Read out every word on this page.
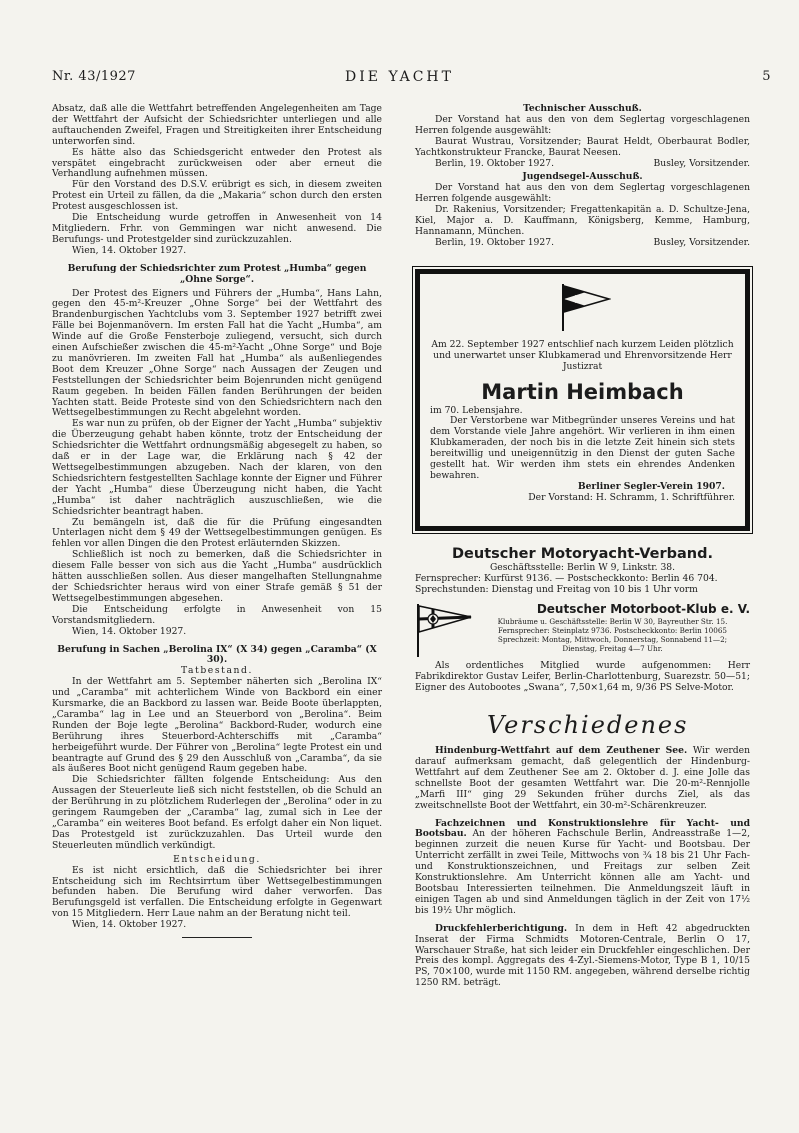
Nr. 43/1927	DIE YACHT	5

Absatz, daß alle die Wettfahrt betreffenden Angelegenheiten am Tage der Wettfahrt der Aufsicht der Schiedsrichter unterliegen und alle auftauchenden Zweifel, Fragen und Streitigkeiten ihrer Entscheidung unterworfen sind.

Es hätte also das Schiedsgericht entweder den Protest als verspätet eingebracht zurückweisen oder aber erneut die Verhandlung aufnehmen müssen.

Für den Vorstand des D.S.V. erübrigt es sich, in diesem zweiten Protest ein Urteil zu fällen, da die „Makaria“ schon durch den ersten Protest ausgeschlossen ist.

Die Entscheidung wurde getroffen in Anwesenheit von 14 Mitgliedern. Frhr. von Gemmingen war nicht anwesend. Die Berufungs- und Protestgelder sind zurückzuzahlen.

Wien, 14. Oktober 1927.

Berufung der Schiedsrichter zum Protest „Humba“ gegen „Ohne Sorge“.

Der Protest des Eigners und Führers der „Humba“, Hans Lahn, gegen den 45-m²-Kreuzer „Ohne Sorge“ bei der Wettfahrt des Brandenburgischen Yachtclubs vom 3. September 1927 betrifft zwei Fälle bei Bojenmanövern. Im ersten Fall hat die Yacht „Humba“, am Winde auf die Große Fensterboje zuliegend, versucht, sich durch einen Aufschießer zwischen die 45-m²-Yacht „Ohne Sorge“ und Boje zu manövrieren. Im zweiten Fall hat „Humba“ als außenliegendes Boot dem Kreuzer „Ohne Sorge“ nach Aussagen der Zeugen und Feststellungen der Schiedsrichter beim Bojenrunden nicht genügend Raum gegeben. In beiden Fällen fanden Berührungen der beiden Yachten statt. Beide Proteste sind von den Schiedsrichtern nach den Wettsegelbestimmungen zu Recht abgelehnt worden.

Es war nun zu prüfen, ob der Eigner der Yacht „Humba“ subjektiv die Überzeugung gehabt haben könnte, trotz der Entscheidung der Schiedsrichter die Wettfahrt ordnungsmäßig abgesegelt zu haben, so daß er in der Lage war, die Erklärung nach § 42 der Wettsegelbestimmungen abzugeben. Nach der klaren, von den Schiedsrichtern festgestellten Sachlage konnte der Eigner und Führer der Yacht „Humba“ diese Überzeugung nicht haben, die Yacht „Humba“ ist daher nachträglich auszuschließen, wie die Schiedsrichter beantragt haben.

Zu bemängeln ist, daß die für die Prüfung eingesandten Unterlagen nicht dem § 49 der Wettsegelbestimmungen genügen. Es fehlen vor allen Dingen die den Protest erläuternden Skizzen.

Schließlich ist noch zu bemerken, daß die Schiedsrichter in diesem Falle besser von sich aus die Yacht „Humba“ ausdrücklich hätten ausschließen sollen. Aus dieser mangelhaften Stellungnahme der Schiedsrichter heraus wird von einer Strafe gemäß § 51 der Wettsegelbestimmungen abgesehen.

Die Entscheidung erfolgte in Anwesenheit von 15 Vorstandsmitgliedern.

Wien, 14. Oktober 1927.

Berufung in Sachen „Berolina IX“ (X 34) gegen „Caramba“ (X 30).

Tatbestand.

In der Wettfahrt am 5. September näherten sich „Berolina IX“ und „Caramba“ mit achterlichem Winde von Backbord ein einer Kursmarke, die an Backbord zu lassen war. Beide Boote überlappten, „Caramba“ lag in Lee und an Steuerbord von „Berolina“. Beim Runden der Boje legte „Berolina“ Backbord-Ruder, wodurch eine Berührung ihres Steuerbord-Achterschiffs mit „Caramba“ herbeigeführt wurde. Der Führer von „Berolina“ legte Protest ein und beantragte auf Grund des § 29 den Ausschluß von „Caramba“, da sie als äußeres Boot nicht genügend Raum gegeben habe.

Die Schiedsrichter fällten folgende Entscheidung: Aus den Aussagen der Steuerleute ließ sich nicht feststellen, ob die Schuld an der Berührung in zu plötzlichem Ruderlegen der „Berolina“ oder in zu geringem Raumgeben der „Caramba“ lag, zumal sich in Lee der „Caramba“ ein weiteres Boot befand. Es erfolgt daher ein Non liquet. Das Protestgeld ist zurückzuzahlen. Das Urteil wurde den Steuerleuten mündlich verkündigt.

Entscheidung.

Es ist nicht ersichtlich, daß die Schiedsrichter bei ihrer Entscheidung sich im Rechtsirrtum über Wettsegelbestimmungen befunden haben. Die Berufung wird daher verworfen. Das Berufungsgeld ist verfallen. Die Entscheidung erfolgte in Gegenwart von 15 Mitgliedern. Herr Laue nahm an der Beratung nicht teil.

Wien, 14. Oktober 1927.

Technischer Ausschuß.

Der Vorstand hat aus den von dem Seglertag vorgeschlagenen Herren folgende ausgewählt:

Baurat Wustrau, Vorsitzender; Baurat Heldt, Oberbaurat Bodler, Yachtkonstrukteur Francke, Baurat Neesen.

Berlin, 19. Oktober 1927.	Busley, Vorsitzender.

Jugendsegel-Ausschuß.

Der Vorstand hat aus den von dem Seglertag vorgeschlagenen Herren folgende ausgewählt:

Dr. Rakenius, Vorsitzender; Fregattenkapitän a. D. Schultze-Jena, Kiel, Major a. D. Kauffmann, Königsberg, Kemme, Hamburg, Hannamann, München.

Berlin, 19. Oktober 1927.	Busley, Vorsitzender.

Am 22. September 1927 entschlief nach kurzem Leiden plötzlich und unerwartet unser Klubkamerad und Ehrenvorsitzende Herr Justizrat

Martin Heimbach

im 70. Lebensjahre.

Der Verstorbene war Mitbegründer unseres Vereins und hat dem Vorstande viele Jahre angehört. Wir verlieren in ihm einen Klubkameraden, der noch bis in die letzte Zeit hinein sich stets bereitwillig und uneigennützig in den Dienst der guten Sache gestellt hat. Wir werden ihm stets ein ehrendes Andenken bewahren.

Berliner Segler-Verein 1907.

Der Vorstand: H. Schramm, 1. Schriftführer.

Deutscher Motoryacht-Verband.

Geschäftsstelle: Berlin W 9, Linkstr. 38.

Fernsprecher: Kurfürst 9136. — Postscheckkonto: Berlin 46 704.

Sprechstunden: Dienstag und Freitag von 10 bis 1 Uhr vorm

Deutscher Motorboot-Klub e. V.

Klubräume u. Geschäftsstelle: Berlin W 30, Bayreuther Str. 15.

Fernsprecher: Steinplatz 9736. Postscheckkonto: Berlin 10065

Sprechzeit: Montag, Mittwoch, Donnerstag, Sonnabend 11—2;

Dienstag, Freitag 4—7 Uhr.

Als ordentliches Mitglied wurde aufgenommen: Herr Fabrikdirektor Gustav Leifer, Berlin-Charlottenburg, Suarezstr. 50—51; Eigner des Autobootes „Swana“, 7,50×1,64 m, 9/36 PS Selve-Motor.

Verschiedenes

Hindenburg-Wettfahrt auf dem Zeuthener See. Wir werden darauf aufmerksam gemacht, daß gelegentlich der Hindenburg-Wettfahrt auf dem Zeuthener See am 2. Oktober d. J. eine Jolle das schnellste Boot der gesamten Wettfahrt war. Die 20-m²-Rennjolle „Marfi III“ ging 29 Sekunden früher durchs Ziel, als das zweitschnellste Boot der Wettfahrt, ein 30-m²-Schärenkreuzer.

Fachzeichnen und Konstruktionslehre für Yacht- und Bootsbau. An der höheren Fachschule Berlin, Andreasstraße 1—2, beginnen zurzeit die neuen Kurse für Yacht- und Bootsbau. Der Unterricht zerfällt in zwei Teile, Mittwochs von ¾ 18 bis 21 Uhr Fach- und Konstruktionszeichnen, und Freitags zur selben Zeit Konstruktionslehre. Am Unterricht können alle am Yacht- und Bootsbau Interessierten teilnehmen. Die Anmeldungszeit läuft in einigen Tagen ab und sind Anmeldungen täglich in der Zeit von 17½ bis 19½ Uhr möglich.

Druckfehlerberichtigung. In dem in Heft 42 abgedruckten Inserat der Firma Schmidts Motoren-Centrale, Berlin O 17, Warschauer Straße, hat sich leider ein Druckfehler eingeschlichen. Der Preis des kompl. Aggregats des 4-Zyl.-Siemens-Motor, Type B 1, 10/15 PS, 70×100, wurde mit 1150 RM. angegeben, während derselbe richtig 1250 RM. beträgt.
